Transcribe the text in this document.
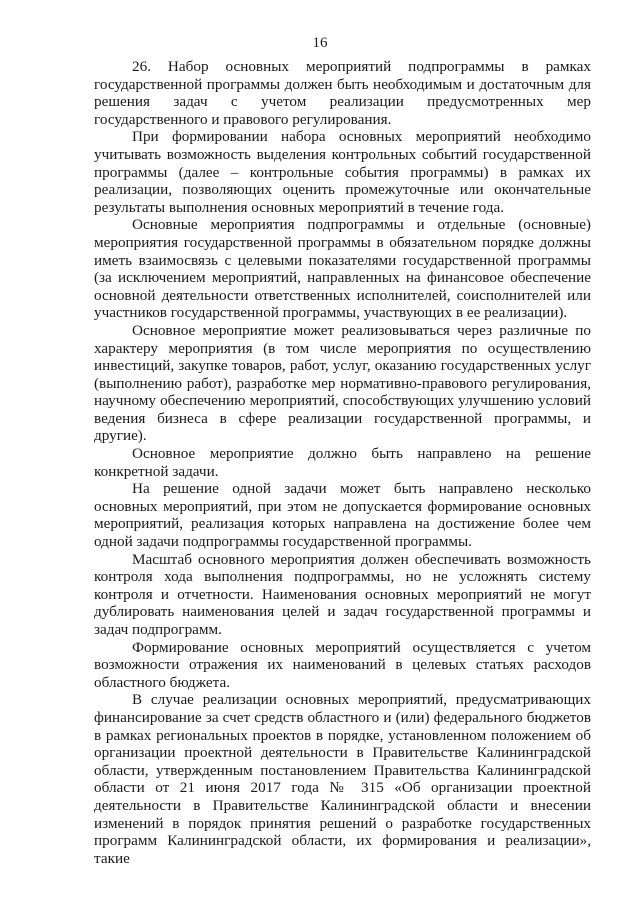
16

26. Набор основных мероприятий подпрограммы в рамках государственной программы должен быть необходимым и достаточным для решения задач с учетом реализации предусмотренных мер государственного и правового регулирования.

При формировании набора основных мероприятий необходимо учитывать возможность выделения контрольных событий государственной программы (далее – контрольные события программы) в рамках их реализации, позволяющих оценить промежуточные или окончательные результаты выполнения основных мероприятий в течение года.

Основные мероприятия подпрограммы и отдельные (основные) мероприятия государственной программы в обязательном порядке должны иметь взаимосвязь с целевыми показателями государственной программы (за исключением мероприятий, направленных на финансовое обеспечение основной деятельности ответственных исполнителей, соисполнителей или участников государственной программы, участвующих в ее реализации).

Основное мероприятие может реализовываться через различные по характеру мероприятия (в том числе мероприятия по осуществлению инвестиций, закупке товаров, работ, услуг, оказанию государственных услуг (выполнению работ), разработке мер нормативно-правового регулирования, научному обеспечению мероприятий, способствующих улучшению условий ведения бизнеса в сфере реализации государственной программы, и другие).

Основное мероприятие должно быть направлено на решение конкретной задачи.

На решение одной задачи может быть направлено несколько основных мероприятий, при этом не допускается формирование основных мероприятий, реализация которых направлена на достижение более чем одной задачи подпрограммы государственной программы.

Масштаб основного мероприятия должен обеспечивать возможность контроля хода выполнения подпрограммы, но не усложнять систему контроля и отчетности. Наименования основных мероприятий не могут дублировать наименования целей и задач государственной программы и задач подпрограмм.

Формирование основных мероприятий осуществляется с учетом возможности отражения их наименований в целевых статьях расходов областного бюджета.

В случае реализации основных мероприятий, предусматривающих финансирование за счет средств областного и (или) федерального бюджетов в рамках региональных проектов в порядке, установленном положением об организации проектной деятельности в Правительстве Калининградской области, утвержденным постановлением Правительства Калининградской области от 21 июня 2017 года № 315 «Об организации проектной деятельности в Правительстве Калининградской области и внесении изменений в порядок принятия решений о разработке государственных программ Калининградской области, их формирования и реализации», такие
